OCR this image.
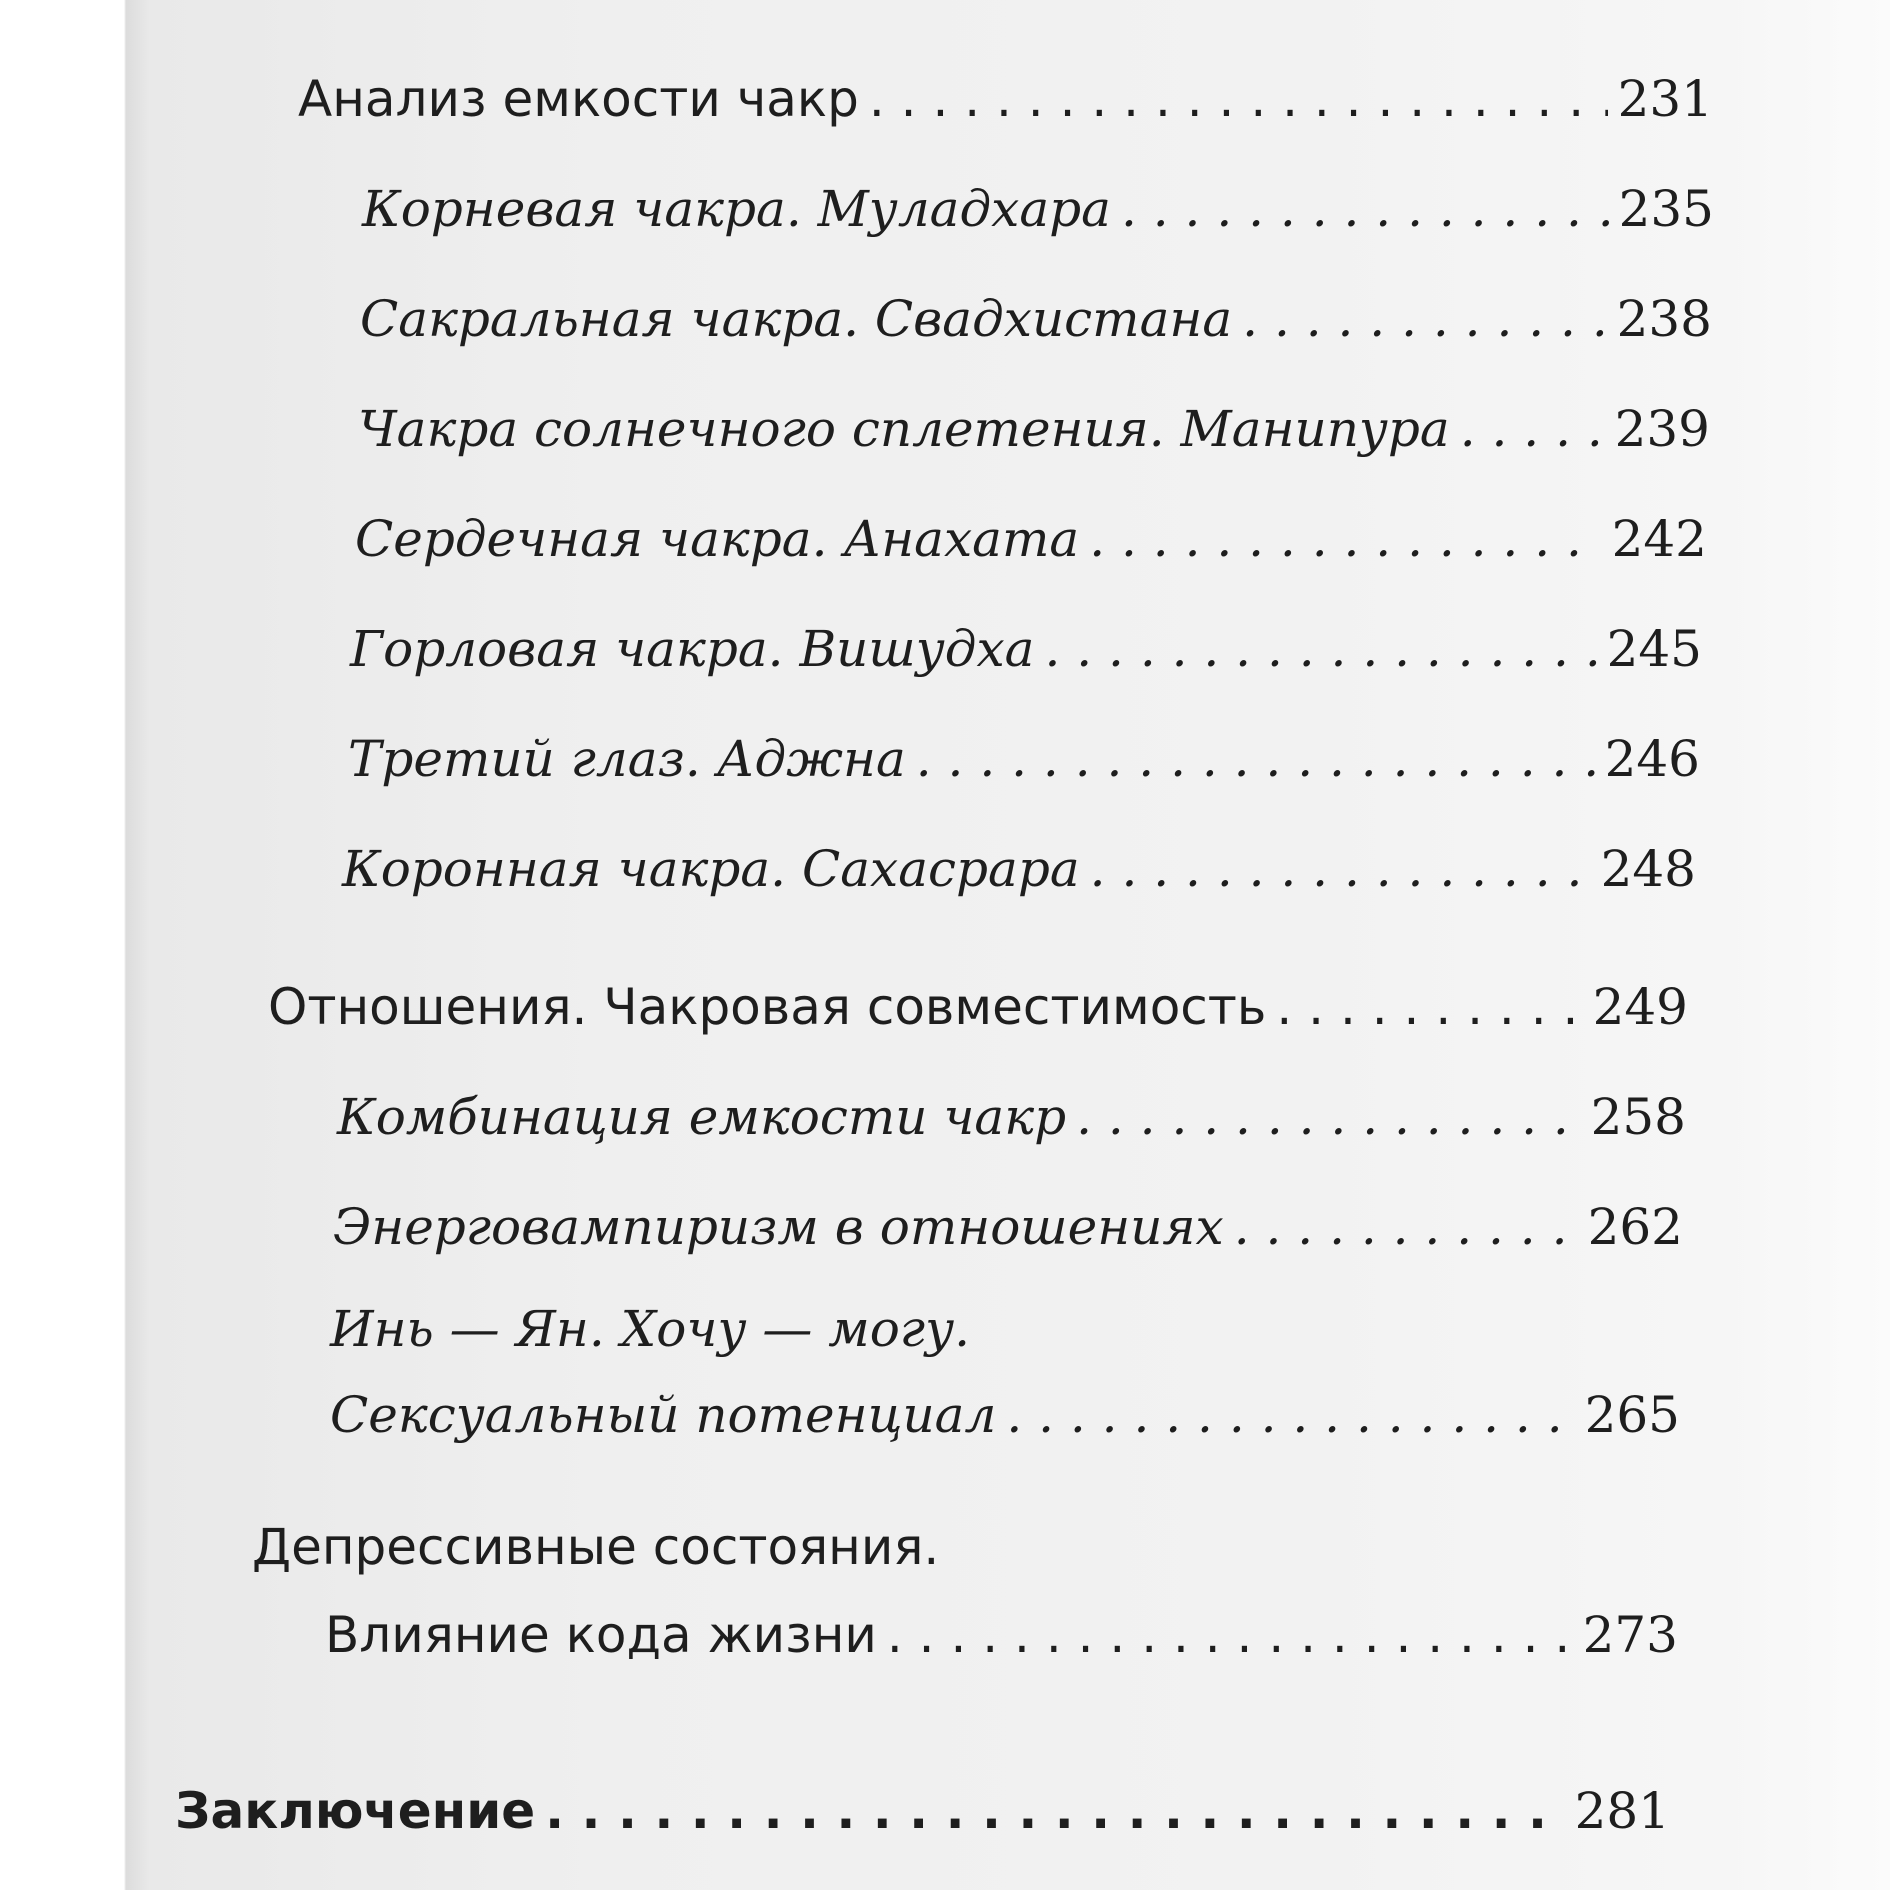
Анализ емкости чакр . . .	231
Корневая чакра. Муладхара . . .	235
Сакральная чакра. Свадхистана . . .	238
Чакра солнечного сплетения. Манипура . . .	239
Сердечная чакра. Анахата . . .	242
Горловая чакра. Вишудха . . .	245
Третий глаз. Аджна . . .	246
Коронная чакра. Сахасрара . . .	248
Отношения. Чакровая совместимость . . .	249
Комбинация емкости чакр . . .	258
Энерговампиризм в отношениях . . .	262
Инь — Ян. Хочу — могу.
Сексуальный потенциал . . .	265
Депрессивные состояния.
Влияние кода жизни . . .	273
Заключение . . .	281
